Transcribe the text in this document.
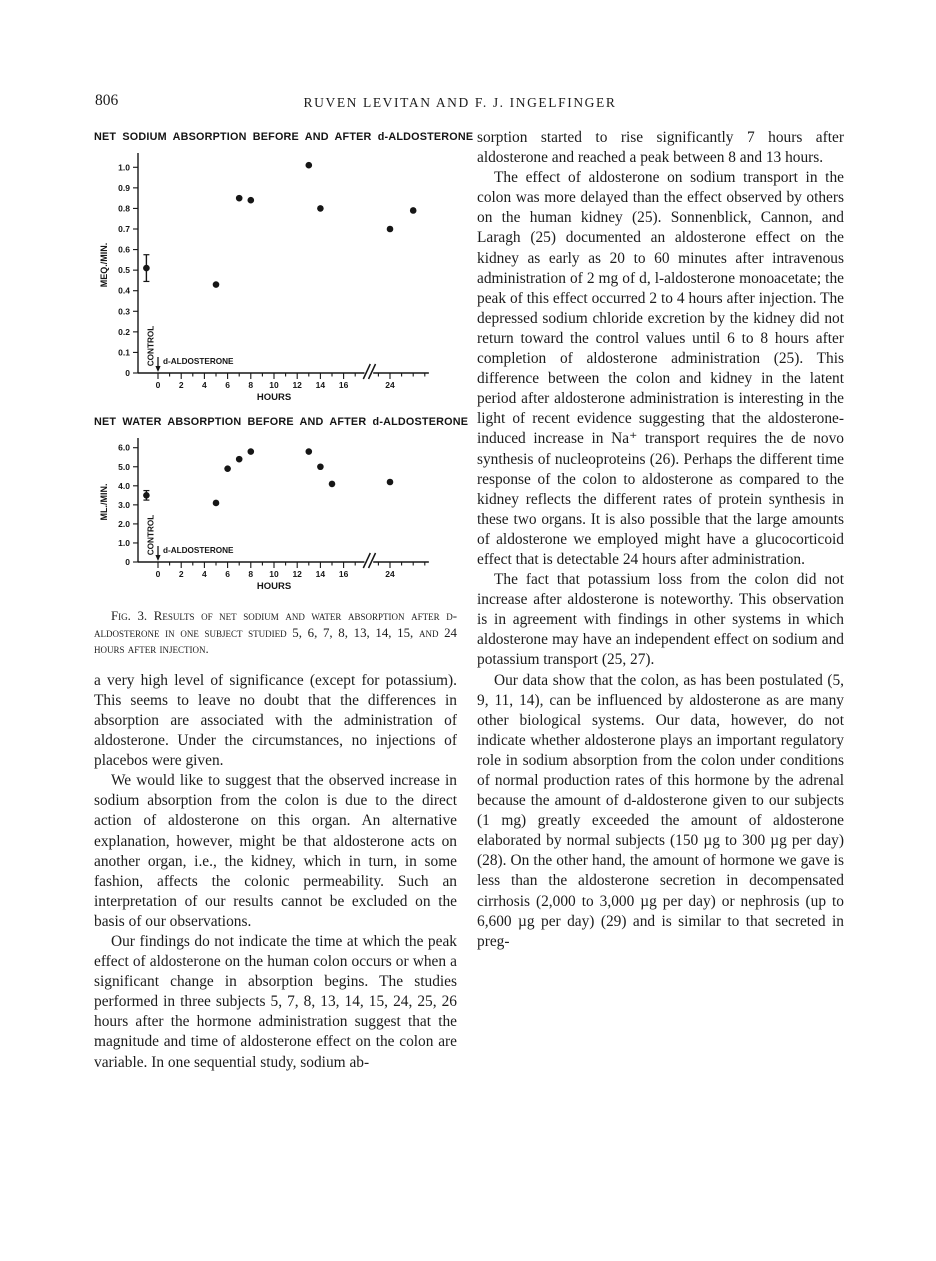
806	RUVEN LEVITAN AND F. J. INGELFINGER
NET SODIUM ABSORPTION BEFORE AND AFTER d-ALDOSTERONE
0 2 4 6 8 10 12 14 16	24
0
0.1
0.2
0.3
0.4
0.5
0.6
0.7
0.8
0.9
1.0
MEQ./MIN.
HOURS
CONTROL d-ALDOSTERONE
NET WATER ABSORPTION BEFORE AND AFTER d-ALDOSTERONE
0 2 4 6 8 10 12 14 16	24
0
1.0
2.0
3.0
4.0
5.0
6.0
ML./MIN.
HOURS
CONTROL d-ALDOSTERONE

Fig. 3. Results of net sodium and water absorption after d-aldosterone in one subject studied 5, 6, 7, 8, 13, 14, 15, and 24 hours after injection.

a very high level of significance (except for potassium). This seems to leave no doubt that the differences in absorption are associated with the administration of aldosterone. Under the circumstances, no injections of placebos were given.

We would like to suggest that the observed increase in sodium absorption from the colon is due to the direct action of aldosterone on this organ. An alternative explanation, however, might be that aldosterone acts on another organ, i.e., the kidney, which in turn, in some fashion, affects the colonic permeability. Such an interpretation of our results cannot be excluded on the basis of our observations.

Our findings do not indicate the time at which the peak effect of aldosterone on the human colon occurs or when a significant change in absorption begins. The studies performed in three subjects 5, 7, 8, 13, 14, 15, 24, 25, 26 hours after the hormone administration suggest that the magnitude and time of aldosterone effect on the colon are variable. In one sequential study, sodium ab-

sorption started to rise significantly 7 hours after aldosterone and reached a peak between 8 and 13 hours.

The effect of aldosterone on sodium transport in the colon was more delayed than the effect observed by others on the human kidney (25). Sonnenblick, Cannon, and Laragh (25) documented an aldosterone effect on the kidney as early as 20 to 60 minutes after intravenous administration of 2 mg of d, l-aldosterone monoacetate; the peak of this effect occurred 2 to 4 hours after injection. The depressed sodium chloride excretion by the kidney did not return toward the control values until 6 to 8 hours after completion of aldosterone administration (25). This difference between the colon and kidney in the latent period after aldosterone administration is interesting in the light of recent evidence suggesting that the aldosterone-induced increase in Na⁺ transport requires the de novo synthesis of nucleoproteins (26). Perhaps the different time response of the colon to aldosterone as compared to the kidney reflects the different rates of protein synthesis in these two organs. It is also possible that the large amounts of aldosterone we employed might have a glucocorticoid effect that is detectable 24 hours after administration.

The fact that potassium loss from the colon did not increase after aldosterone is noteworthy. This observation is in agreement with findings in other systems in which aldosterone may have an independent effect on sodium and potassium transport (25, 27).

Our data show that the colon, as has been postulated (5, 9, 11, 14), can be influenced by aldosterone as are many other biological systems. Our data, however, do not indicate whether aldosterone plays an important regulatory role in sodium absorption from the colon under conditions of normal production rates of this hormone by the adrenal because the amount of d-aldosterone given to our subjects (1 mg) greatly exceeded the amount of aldosterone elaborated by normal subjects (150 µg to 300 µg per day) (28). On the other hand, the amount of hormone we gave is less than the aldosterone secretion in decompensated cirrhosis (2,000 to 3,000 µg per day) or nephrosis (up to 6,600 µg per day) (29) and is similar to that secreted in preg-
